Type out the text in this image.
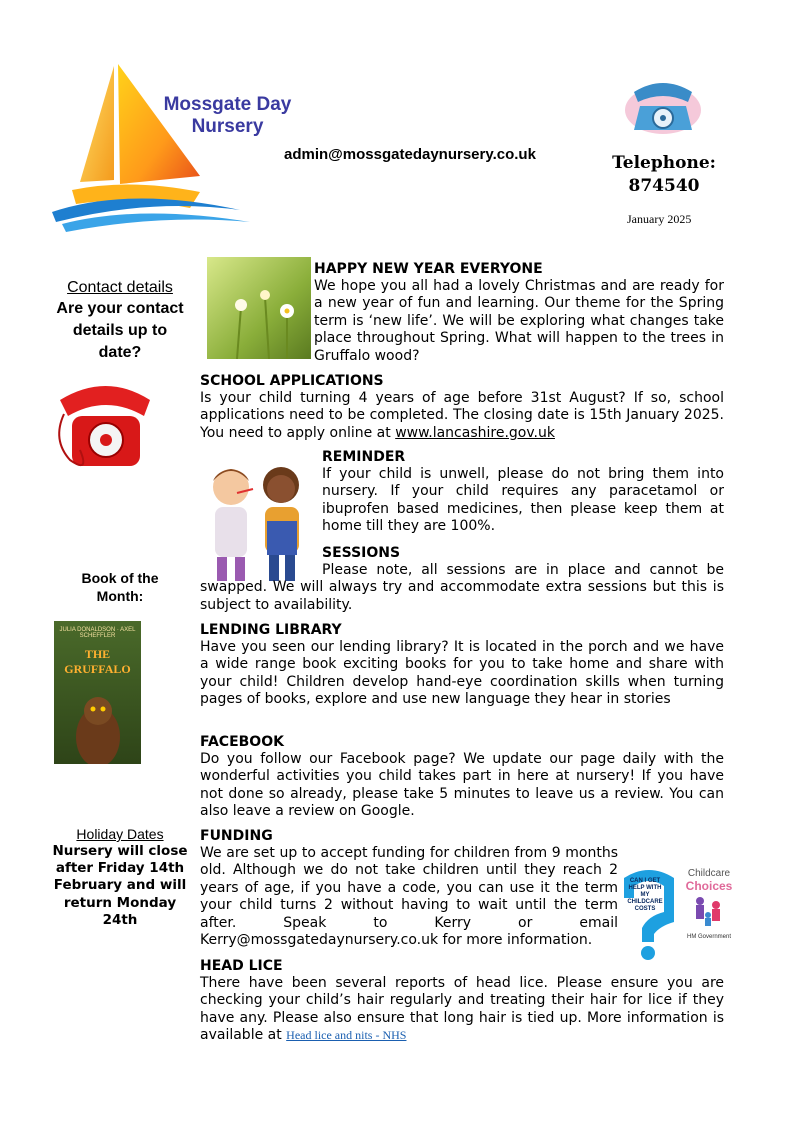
Mossgate Day
Nursery
admin@mossgatedaynursery.co.uk	Telephone:
874540
January 2025
Contact details
Are your contact details up to date?
Book of the Month:
JULIA DONALDSON · AXEL SCHEFFLER
THE GRUFFALO
Holiday Dates
Nursery will close after Friday 14th February and will return Monday 24th
HAPPY NEW YEAR EVERYONE
We hope you all had a lovely Christmas and are ready for a new year of fun and learning. Our theme for the Spring term is ‘new life’. We will be exploring what changes take place throughout Spring. What will happen to the trees in Gruffalo wood?
SCHOOL APPLICATIONS
Is your child turning 4 years of age before 31st August? If so, school applications need to be completed. The closing date is 15th January 2025. You need to apply online at www.lancashire.gov.uk
REMINDER
If your child is unwell, please do not bring them into nursery. If your child requires any paracetamol or ibuprofen based medicines, then please keep them at home till they are 100%.
SESSIONS
Please note, all sessions are in place and cannot be swapped. We will always try and accommodate extra sessions but this is subject to availability.
LENDING LIBRARY
Have you seen our lending library? It is located in the porch and we have a wide range book exciting books for you to take home and share with your child! Children develop hand-eye coordination skills when turning pages of books, explore and use new language they hear in stories
FACEBOOK
Do you follow our Facebook page? We update our page daily with the wonderful activities you child takes part in here at nursery! If you have not done so already, please take 5 minutes to leave us a review. You can also leave a review on Google.
FUNDING
We are set up to accept funding for children from 9 months old. Although we do not take children until they reach 2 years of age, if you have a code, you can use it the term your child turns 2 without having to wait until the term after. Speak to Kerry or email Kerry@mossgatedaynursery.co.uk for more information.
CAN I GET HELP WITH MY CHILDCARE COSTS
Childcare
Choices
HM Government
HEAD LICE
There have been several reports of head lice. Please ensure you are checking your child’s hair regularly and treating their hair for lice if they have any. Please also ensure that long hair is tied up. More information is available at Head lice and nits - NHS
